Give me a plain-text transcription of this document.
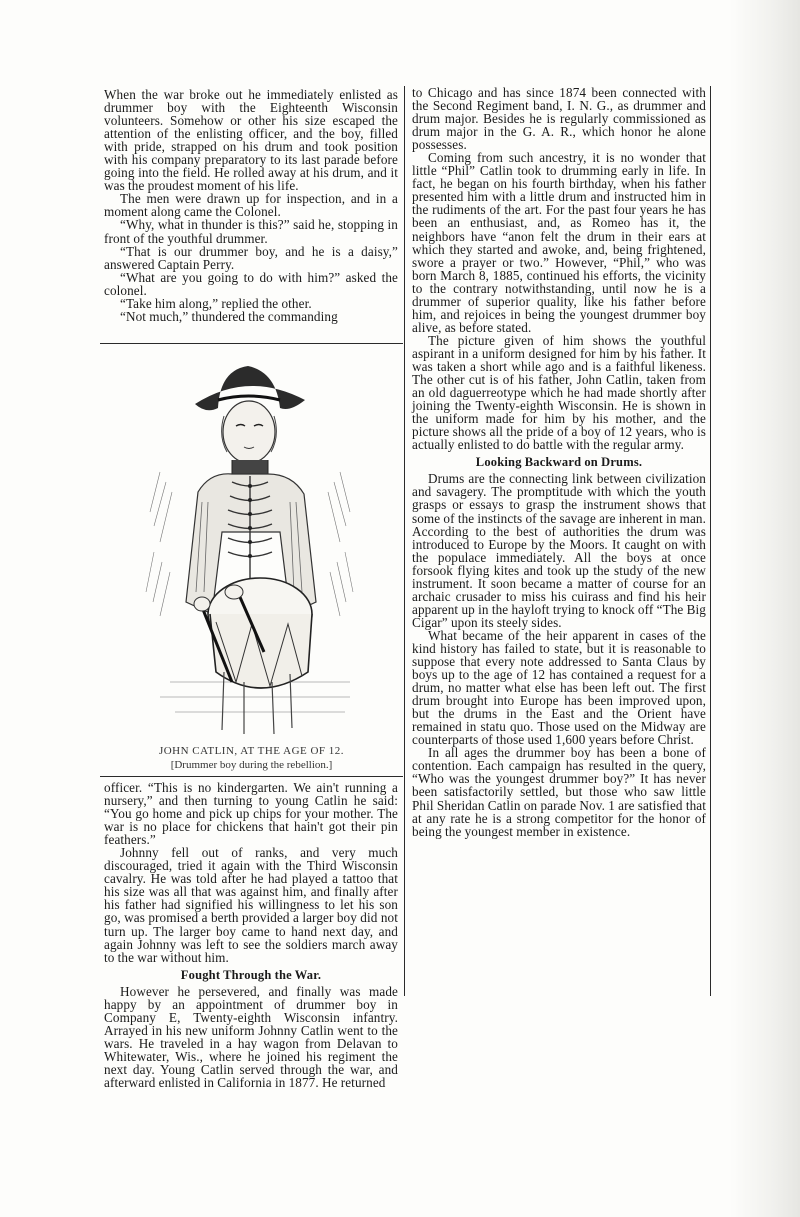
When the war broke out he immediately enlisted as drummer boy with the Eighteenth Wisconsin volunteers. Somehow or other his size escaped the attention of the enlisting officer, and the boy, filled with pride, strapped on his drum and took position with his company preparatory to its last parade before going into the field. He rolled away at his drum, and it was the proudest moment of his life.

The men were drawn up for inspection, and in a moment along came the Colonel.

“Why, what in thunder is this?” said he, stopping in front of the youthful drummer.

“That is our drummer boy, and he is a daisy,” answered Captain Perry.

“What are you going to do with him?” asked the colonel.

“Take him along,” replied the other.

“Not much,” thundered the commanding

JOHN CATLIN, AT THE AGE OF 12.
[Drummer boy during the rebellion.]

officer. “This is no kindergarten. We ain't running a nursery,” and then turning to young Catlin he said: “You go home and pick up chips for your mother. The war is no place for chickens that hain't got their pin feathers.”

Johnny fell out of ranks, and very much discouraged, tried it again with the Third Wisconsin cavalry. He was told after he had played a tattoo that his size was all that was against him, and finally after his father had signified his willingness to let his son go, was promised a berth provided a larger boy did not turn up. The larger boy came to hand next day, and again Johnny was left to see the soldiers march away to the war without him.

Fought Through the War.

However he persevered, and finally was made happy by an appointment of drummer boy in Company E, Twenty-eighth Wisconsin infantry. Arrayed in his new uniform Johnny Catlin went to the wars. He traveled in a hay wagon from Delavan to Whitewater, Wis., where he joined his regiment the next day. Young Catlin served through the war, and afterward enlisted in California in 1877. He returned

to Chicago and has since 1874 been connected with the Second Regiment band, I. N. G., as drummer and drum major. Besides he is regularly commissioned as drum major in the G. A. R., which honor he alone possesses.

Coming from such ancestry, it is no wonder that little “Phil” Catlin took to drumming early in life. In fact, he began on his fourth birthday, when his father presented him with a little drum and instructed him in the rudiments of the art. For the past four years he has been an enthusiast, and, as Romeo has it, the neighbors have “anon felt the drum in their ears at which they started and awoke, and, being frightened, swore a prayer or two.” However, “Phil,” who was born March 8, 1885, continued his efforts, the vicinity to the contrary notwithstanding, until now he is a drummer of superior quality, like his father before him, and rejoices in being the youngest drummer boy alive, as before stated.

The picture given of him shows the youthful aspirant in a uniform designed for him by his father. It was taken a short while ago and is a faithful likeness. The other cut is of his father, John Catlin, taken from an old daguerreotype which he had made shortly after joining the Twenty-eighth Wisconsin. He is shown in the uniform made for him by his mother, and the picture shows all the pride of a boy of 12 years, who is actually enlisted to do battle with the regular army.

Looking Backward on Drums.

Drums are the connecting link between civilization and savagery. The promptitude with which the youth grasps or essays to grasp the instrument shows that some of the instincts of the savage are inherent in man. According to the best of authorities the drum was introduced to Europe by the Moors. It caught on with the populace immediately. All the boys at once forsook flying kites and took up the study of the new instrument. It soon became a matter of course for an archaic crusader to miss his cuirass and find his heir apparent up in the hayloft trying to knock off “The Big Cigar” upon its steely sides.

What became of the heir apparent in cases of the kind history has failed to state, but it is reasonable to suppose that every note addressed to Santa Claus by boys up to the age of 12 has contained a request for a drum, no matter what else has been left out. The first drum brought into Europe has been improved upon, but the drums in the East and the Orient have remained in statu quo. Those used on the Midway are counterparts of those used 1,600 years before Christ.

In all ages the drummer boy has been a bone of contention. Each campaign has resulted in the query, “Who was the youngest drummer boy?” It has never been satisfactorily settled, but those who saw little Phil Sheridan Catlin on parade Nov. 1 are satisfied that at any rate he is a strong competitor for the honor of being the youngest member in existence.
